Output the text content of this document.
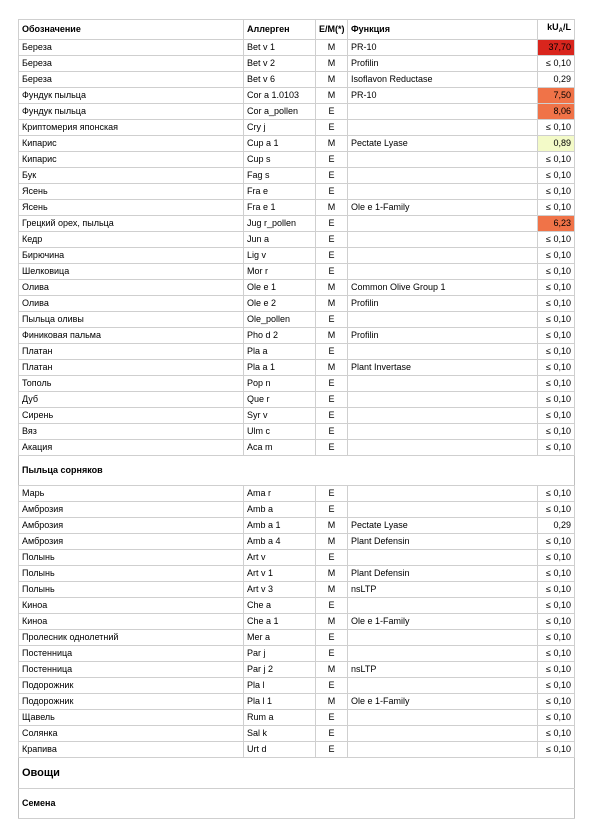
Обозначение	Аллерген	E/M(*)	Функция	$kU_A/L$
Береза	Bet v 1	M	PR-10	37,70
Береза	Bet v 2	M	Profilin	≤ 0,10
Береза	Bet v 6	M	Isoflavon Reductase	0,29
Фундук пыльца	Cor a 1.0103	M	PR-10	7,50
Фундук пыльца	Cor a_pollen	E		8,06
Криптомерия японская	Cry j	E		≤ 0,10
Кипарис	Cup a 1	M	Pectate Lyase	0,89
Кипарис	Cup s	E		≤ 0,10
Бук	Fag s	E		≤ 0,10
Ясень	Fra e	E		≤ 0,10
Ясень	Fra e 1	M	Ole e 1-Family	≤ 0,10
Грецкий орех, пыльца	Jug r_pollen	E		6,23
Кедр	Jun a	E		≤ 0,10
Бирючина	Lig v	E		≤ 0,10
Шелковица	Mor r	E		≤ 0,10
Олива	Ole e 1	M	Common Olive Group 1	≤ 0,10
Олива	Ole e 2	M	Profilin	≤ 0,10
Пыльца оливы	Ole_pollen	E		≤ 0,10
Финиковая пальма	Pho d 2	M	Profilin	≤ 0,10
Платан	Pla a	E		≤ 0,10
Платан	Pla a 1	M	Plant Invertase	≤ 0,10
Тополь	Pop n	E		≤ 0,10
Дуб	Que r	E		≤ 0,10
Сирень	Syr v	E		≤ 0,10
Вяз	Ulm c	E		≤ 0,10
Акация	Aca m	E		≤ 0,10
Пыльца сорняков				
Марь	Ama r	E		≤ 0,10
Амброзия	Amb a	E		≤ 0,10
Амброзия	Amb a 1	M	Pectate Lyase	0,29
Амброзия	Amb a 4	M	Plant Defensin	≤ 0,10
Полынь	Art v	E		≤ 0,10
Полынь	Art v 1	M	Plant Defensin	≤ 0,10
Полынь	Art v 3	M	nsLTP	≤ 0,10
Киноа	Che a	E		≤ 0,10
Киноа	Che a 1	M	Ole e 1-Family	≤ 0,10
Пролесник однолетний	Mer a	E		≤ 0,10
Постенница	Par j	E		≤ 0,10
Постенница	Par j 2	M	nsLTP	≤ 0,10
Подорожник	Pla l	E		≤ 0,10
Подорожник	Pla l 1	M	Ole e 1-Family	≤ 0,10
Щавель	Rum a	E		≤ 0,10
Солянка	Sal k	E		≤ 0,10
Крапива	Urt d	E		≤ 0,10
Овощи				
Семена				
